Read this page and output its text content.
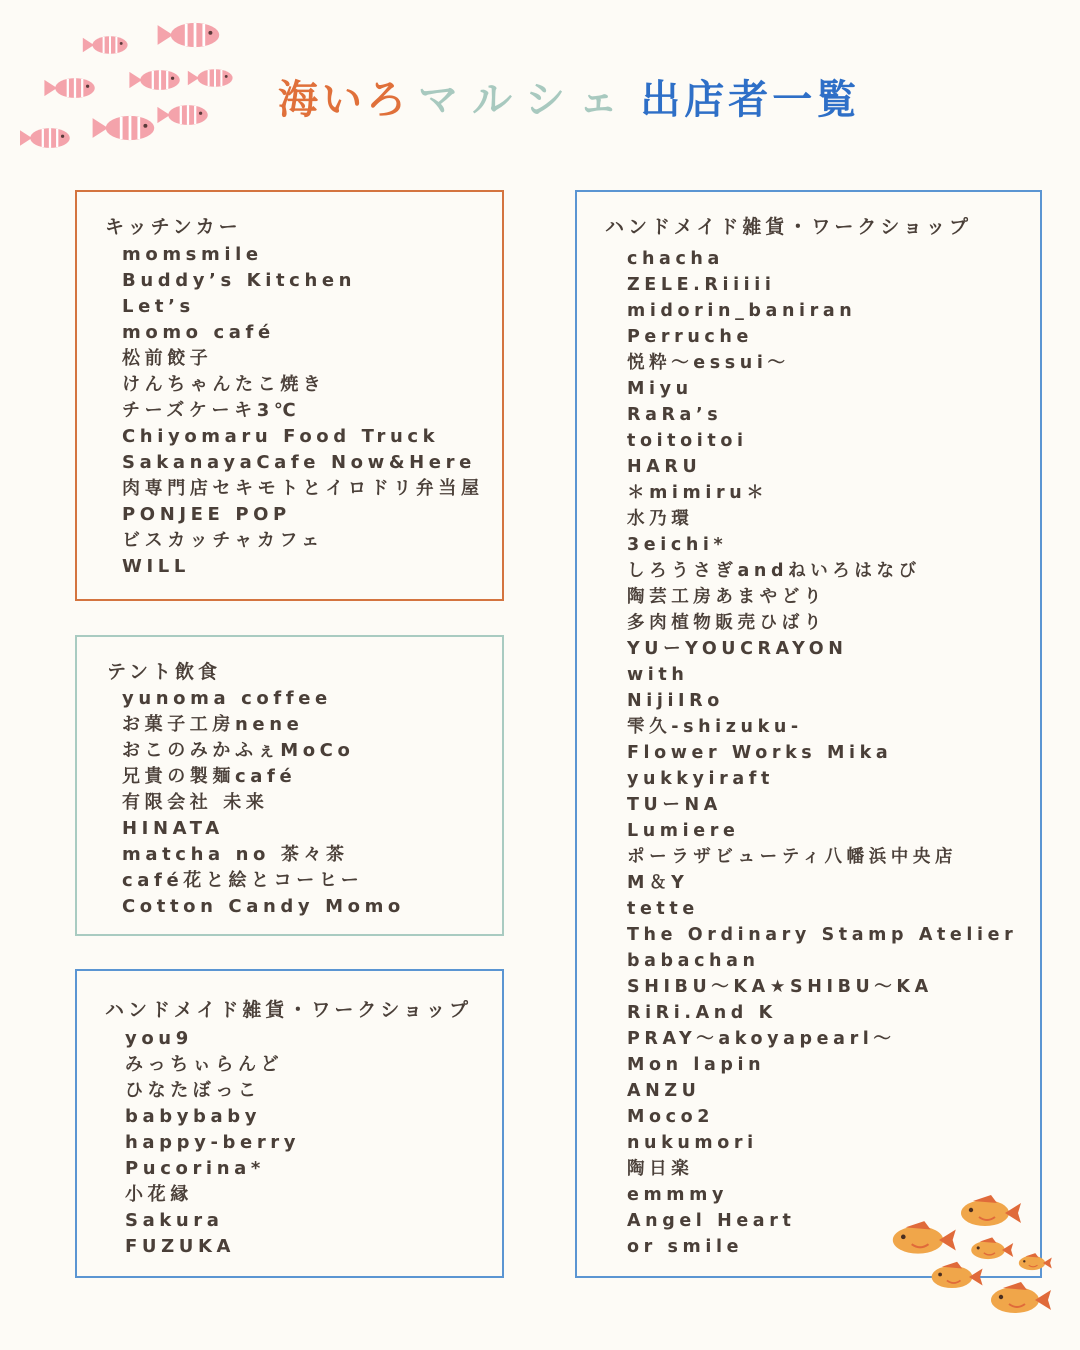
海いろ マルシェ 出店者一覧
キッチンカー
momsmile
Buddy’s Kitchen
Let’s
momo café
松前餃子
けんちゃんたこ焼き
チーズケーキ3℃
Chiyomaru Food Truck
SakanayaCafe Now&Here
肉専門店セキモトとイロドリ弁当屋
PONJEE POP
ビスカッチャカフェ
WILL
テント飲食
yunoma coffee
お菓子工房nene
おこのみかふぇMoCo
兄貴の製麺café
有限会社 未来
HINATA
matcha no 茶々茶
café花と絵とコーヒー
Cotton Candy Momo
ハンドメイド雑貨・ワークショップ
you9
みっちぃらんど
ひなたぼっこ
babybaby
happy-berry
Pucorina*
小花縁
Sakura
FUZUKA
ハンドメイド雑貨・ワークショップ
chacha
ZELE.Riiiii
midorin_baniran
Perruche
悦粋〜essui〜
Miyu
RaRa’s
toitoitoi
HARU
＊mimiru＊
水乃環
3eichi*
しろうさぎandねいろはなび
陶芸工房あまやどり
多肉植物販売ひばり
YUーYOUCRAYON
with
NijiIRo
雫久-shizuku-
Flower Works Mika
yukkyiraft
TUーNA
Lumiere
ポーラザビューティ八幡浜中央店
M＆Y
tette
The Ordinary Stamp Atelier
babachan
SHIBU〜KA★SHIBU〜KA
RiRi.And K
PRAY〜akoyapearl〜
Mon lapin
ANZU
Moco2
nukumori
陶日楽
emmmy
Angel Heart
or smile
